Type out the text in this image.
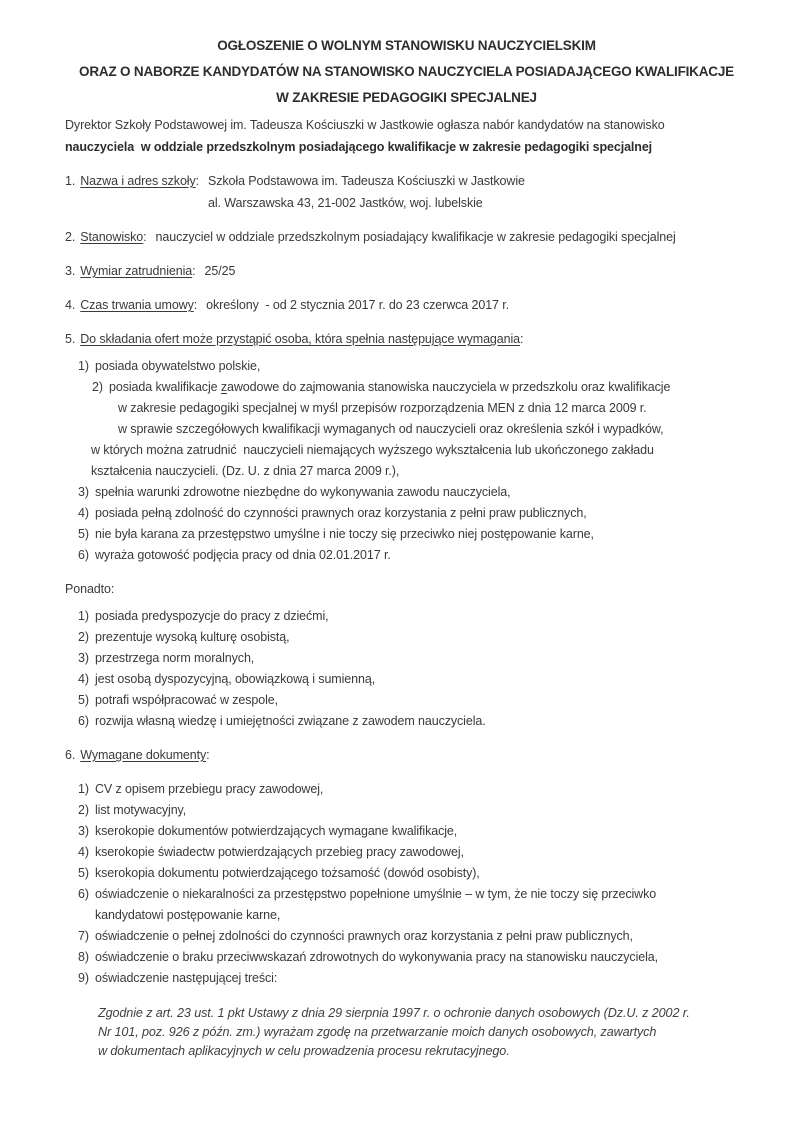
OGŁOSZENIE O WOLNYM STANOWISKU NAUCZYCIELSKIM
ORAZ O NABORZE KANDYDATÓW NA STANOWISKO NAUCZYCIELA POSIADAJĄCEGO KWALIFIKACJE
W ZAKRESIE PEDAGOGIKI SPECJALNEJ
Dyrektor Szkoły Podstawowej im. Tadeusza Kościuszki w Jastkowie ogłasza nabór kandydatów na stanowisko
nauczyciela  w oddziale przedszkolnym posiadającego kwalifikacje w zakresie pedagogiki specjalnej
1. Nazwa i adres szkoły: Szkoła Podstawowa im. Tadeusza Kościuszki w Jastkowie
al. Warszawska 43, 21-002 Jastków, woj. lubelskie
2. Stanowisko: nauczyciel w oddziale przedszkolnym posiadający kwalifikacje w zakresie pedagogiki specjalnej
3. Wymiar zatrudnienia: 25/25
4. Czas trwania umowy: określony  - od 2 stycznia 2017 r. do 23 czerwca 2017 r.
5. Do składania ofert może przystąpić osoba, która spełnia następujące wymagania:
1) posiada obywatelstwo polskie,
2) posiada kwalifikacje zawodowe do zajmowania stanowiska nauczyciela w przedszkolu oraz kwalifikacje
w zakresie pedagogiki specjalnej w myśl przepisów rozporządzenia MEN z dnia 12 marca 2009 r.
w sprawie szczegółowych kwalifikacji wymaganych od nauczycieli oraz określenia szkół i wypadków,
w których można zatrudnić  nauczycieli niemających wyższego wykształcenia lub ukończonego zakładu
kształcenia nauczycieli. (Dz. U. z dnia 27 marca 2009 r.),
3) spełnia warunki zdrowotne niezbędne do wykonywania zawodu nauczyciela,
4) posiada pełną zdolność do czynności prawnych oraz korzystania z pełni praw publicznych,
5) nie była karana za przestępstwo umyślne i nie toczy się przeciwko niej postępowanie karne,
6) wyraża gotowość podjęcia pracy od dnia 02.01.2017 r.
Ponadto:
1) posiada predyspozycje do pracy z dziećmi,
2) prezentuje wysoką kulturę osobistą,
3) przestrzega norm moralnych,
4) jest osobą dyspozycyjną, obowiązkową i sumienną,
5) potrafi współpracować w zespole,
6) rozwija własną wiedzę i umiejętności związane z zawodem nauczyciela.
6. Wymagane dokumenty:
1) CV z opisem przebiegu pracy zawodowej,
2) list motywacyjny,
3) kserokopie dokumentów potwierdzających wymagane kwalifikacje,
4) kserokopie świadectw potwierdzających przebieg pracy zawodowej,
5) kserokopia dokumentu potwierdzającego tożsamość (dowód osobisty),
6) oświadczenie o niekaralności za przestępstwo popełnione umyślnie – w tym, że nie toczy się przeciwko
kandydatowi postępowanie karne,
7) oświadczenie o pełnej zdolności do czynności prawnych oraz korzystania z pełni praw publicznych,
8) oświadczenie o braku przeciwwskazań zdrowotnych do wykonywania pracy na stanowisku nauczyciela,
9) oświadczenie następującej treści:
Zgodnie z art. 23 ust. 1 pkt Ustawy z dnia 29 sierpnia 1997 r. o ochronie danych osobowych (Dz.U. z 2002 r.
Nr 101, poz. 926 z późn. zm.) wyrażam zgodę na przetwarzanie moich danych osobowych, zawartych
w dokumentach aplikacyjnych w celu prowadzenia procesu rekrutacyjnego.
